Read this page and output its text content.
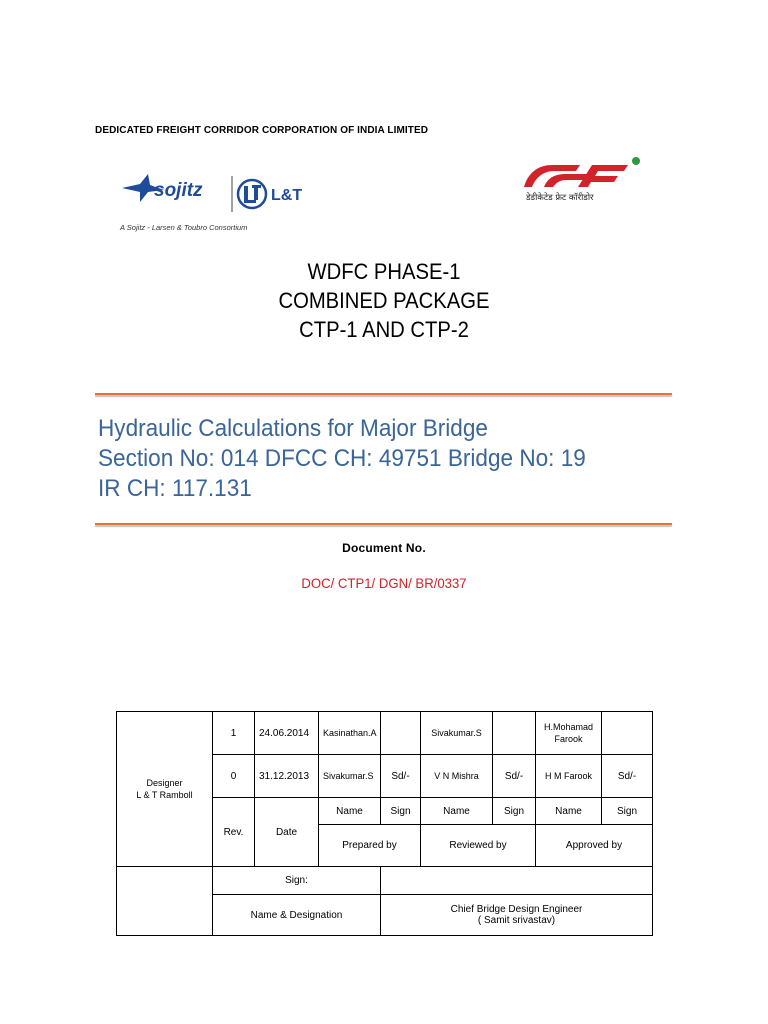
DEDICATED FREIGHT CORRIDOR CORPORATION OF INDIA LIMITED
sojitz	L&T
A Sojitz - Larsen & Toubro Consortium
डेडीकेटेड फ्रेट कॉरीडोर
WDFC PHASE-1
COMBINED PACKAGE
CTP-1 AND CTP-2
Hydraulic Calculations for Major Bridge
Section No: 014 DFCC CH: 49751 Bridge No: 19
IR CH: 117.131
Document No.
DOC/ CTP1/ DGN/ BR/0337
Designer
L & T Ramboll	1	24.06.2014	Kasinathan.A		Sivakumar.S		H.Mohamad Farook	
	0	31.12.2013	Sivakumar.S	Sd/-	V N Mishra	Sd/-	H M Farook	Sd/-
	Rev.	Date	Name	Sign	Name	Sign	Name	Sign
			Prepared by		Reviewed by		Approved by	
	Sign:							
	Name & Designation			Chief Bridge Design Engineer
( Samit srivastav)				
